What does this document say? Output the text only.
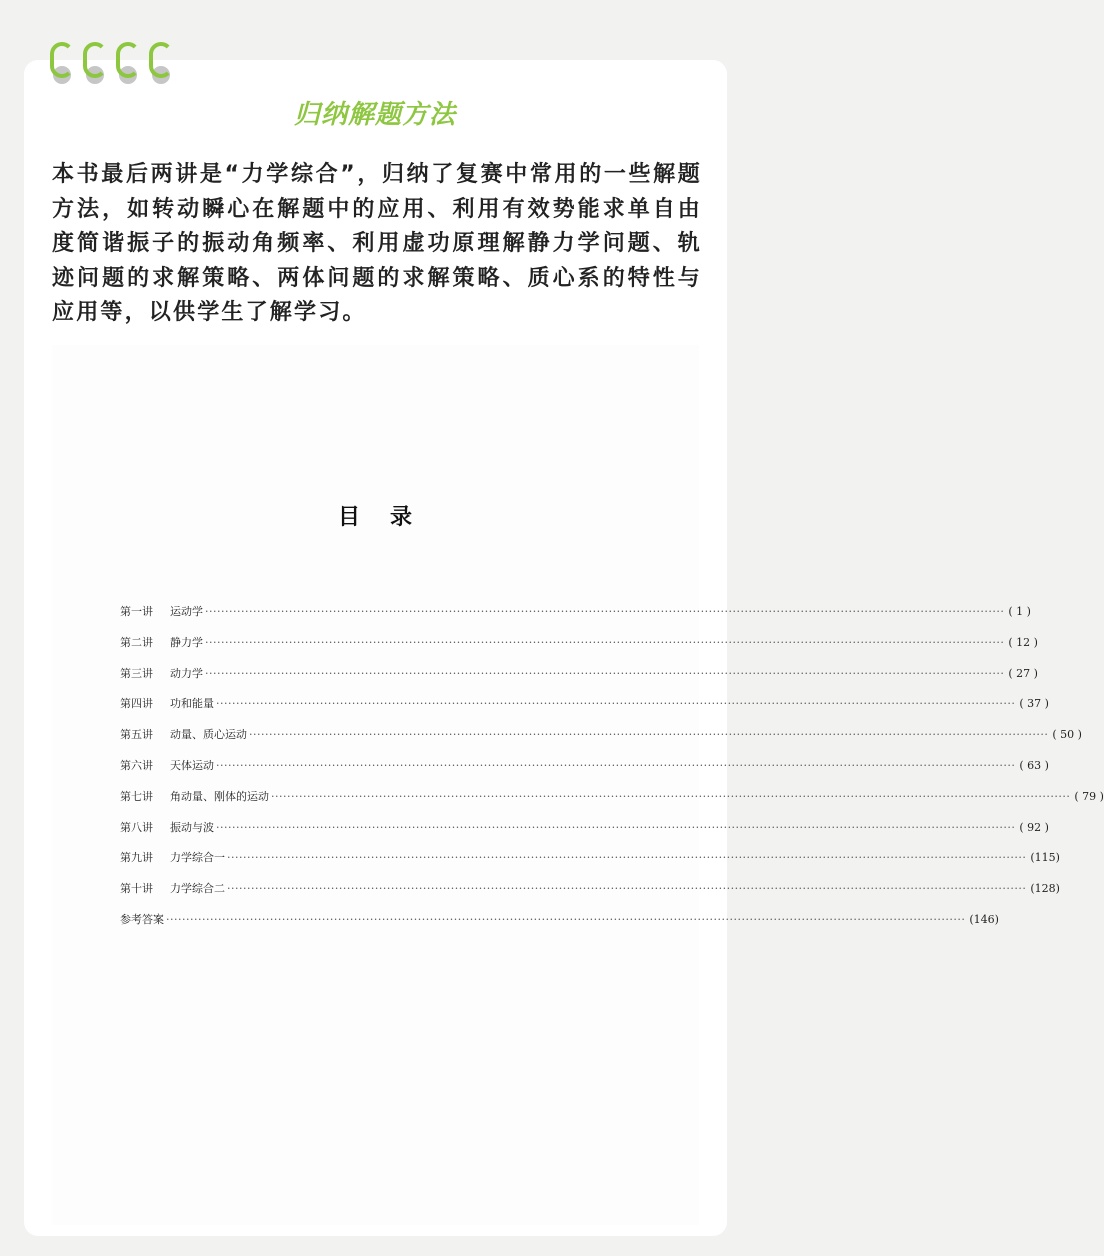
归纳解题方法
本书最后两讲是“力学综合”，归纳了复赛中常用的一些解题方法，如转动瞬心在解题中的应用、利用有效势能求单自由度简谐振子的振动角频率、利用虚功原理解静力学问题、轨迹问题的求解策略、两体问题的求解策略、质心系的特性与应用等，以供学生了解学习。
目录
第一讲	运动学 ········································································································································································································ ( 1 )
第二讲	静力学 ········································································································································································································ ( 12 )
第三讲	动力学 ········································································································································································································ ( 27 )
第四讲	功和能量 ········································································································································································································ ( 37 )
第五讲	动量、质心运动 ········································································································································································································ ( 50 )
第六讲	天体运动 ········································································································································································································ ( 63 )
第七讲	角动量、刚体的运动 ········································································································································································································ ( 79 )
第八讲	振动与波 ········································································································································································································ ( 92 )
第九讲	力学综合一 ········································································································································································································ (115)
第十讲	力学综合二 ········································································································································································································ (128)
参考答案 ········································································································································································································ (146)
